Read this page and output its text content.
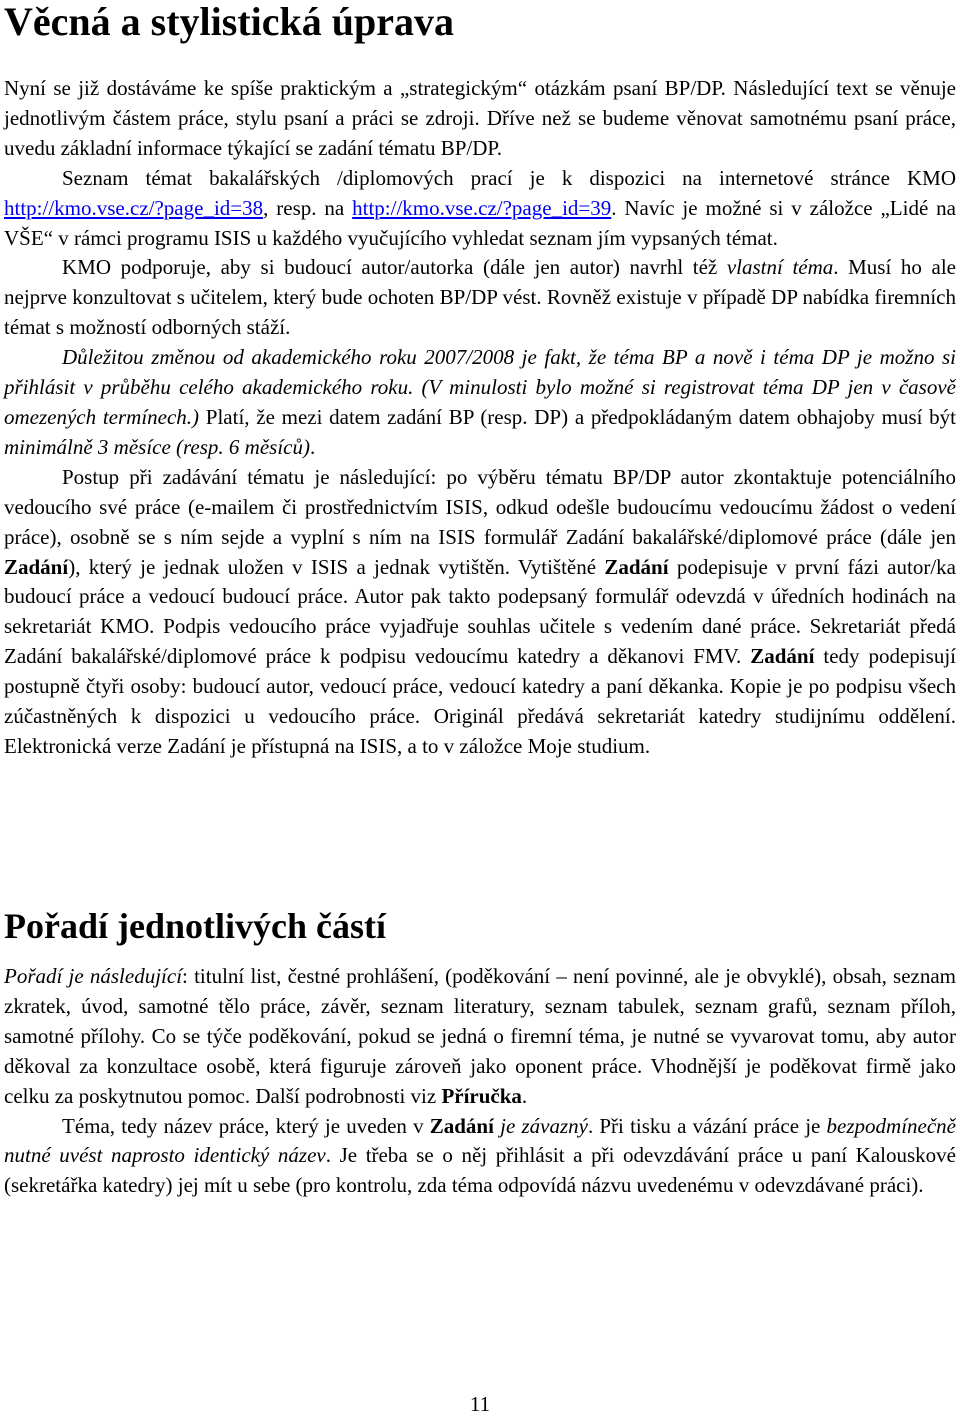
Věcná a stylistická úprava

Nyní se již dostáváme ke spíše praktickým a „strategickým“ otázkám psaní BP/DP. Následující text se věnuje jednotlivým částem práce, stylu psaní a práci se zdroji. Dříve než se budeme věnovat samotnému psaní práce, uvedu základní informace týkající se zadání tématu BP/DP.

Seznam témat bakalářských /diplomových prací je k dispozici na internetové stránce KMO http://kmo.vse.cz/?page_id=38, resp. na http://kmo.vse.cz/?page_id=39. Navíc je možné si v záložce „Lidé na VŠE“ v rámci programu ISIS u každého vyučujícího vyhledat seznam jím vypsaných témat.

KMO podporuje, aby si budoucí autor/autorka (dále jen autor) navrhl též vlastní téma. Musí ho ale nejprve konzultovat s učitelem, který bude ochoten BP/DP vést. Rovněž existuje v případě DP nabídka firemních témat s možností odborných stáží.

Důležitou změnou od akademického roku 2007/2008 je fakt, že téma BP a nově i téma DP je možno si přihlásit v průběhu celého akademického roku. (V minulosti bylo možné si registrovat téma DP jen v časově omezených termínech.) Platí, že mezi datem zadání BP (resp. DP) a předpokládaným datem obhajoby musí být minimálně 3 měsíce (resp. 6 měsíců).

Postup při zadávání tématu je následující: po výběru tématu BP/DP autor zkontaktuje potenciálního vedoucího své práce (e-mailem či prostřednictvím ISIS, odkud odešle budoucímu vedoucímu žádost o vedení práce), osobně se s ním sejde a vyplní s ním na ISIS formulář Zadání bakalářské/diplomové práce (dále jen Zadání), který je jednak uložen v ISIS a jednak vytištěn. Vytištěné Zadání podepisuje v první fázi autor/ka budoucí práce a vedoucí budoucí práce. Autor pak takto podepsaný formulář odevzdá v úředních hodinách na sekretariát KMO. Podpis vedoucího práce vyjadřuje souhlas učitele s vedením dané práce. Sekretariát předá Zadání bakalářské/diplomové práce k podpisu vedoucímu katedry a děkanovi FMV. Zadání tedy podepisují postupně čtyři osoby: budoucí autor, vedoucí práce, vedoucí katedry a paní děkanka. Kopie je po podpisu všech zúčastněných k dispozici u vedoucího práce. Originál předává sekretariát katedry studijnímu oddělení. Elektronická verze Zadání je přístupná na ISIS, a to v záložce Moje studium.

Pořadí jednotlivých částí

Pořadí je následující: titulní list, čestné prohlášení, (poděkování – není povinné, ale je obvyklé), obsah, seznam zkratek, úvod, samotné tělo práce, závěr, seznam literatury, seznam tabulek, seznam grafů, seznam příloh, samotné přílohy. Co se týče poděkování, pokud se jedná o firemní téma, je nutné se vyvarovat tomu, aby autor děkoval za konzultace osobě, která figuruje zároveň jako oponent práce. Vhodnější je poděkovat firmě jako celku za poskytnutou pomoc. Další podrobnosti viz Příručka.

Téma, tedy název práce, který je uveden v Zadání je závazný. Při tisku a vázání práce je bezpodmínečně nutné uvést naprosto identický název. Je třeba se o něj přihlásit a při odevzdávání práce u paní Kalouskové (sekretářka katedry) jej mít u sebe (pro kontrolu, zda téma odpovídá názvu uvedenému v odevzdávané práci).

11
